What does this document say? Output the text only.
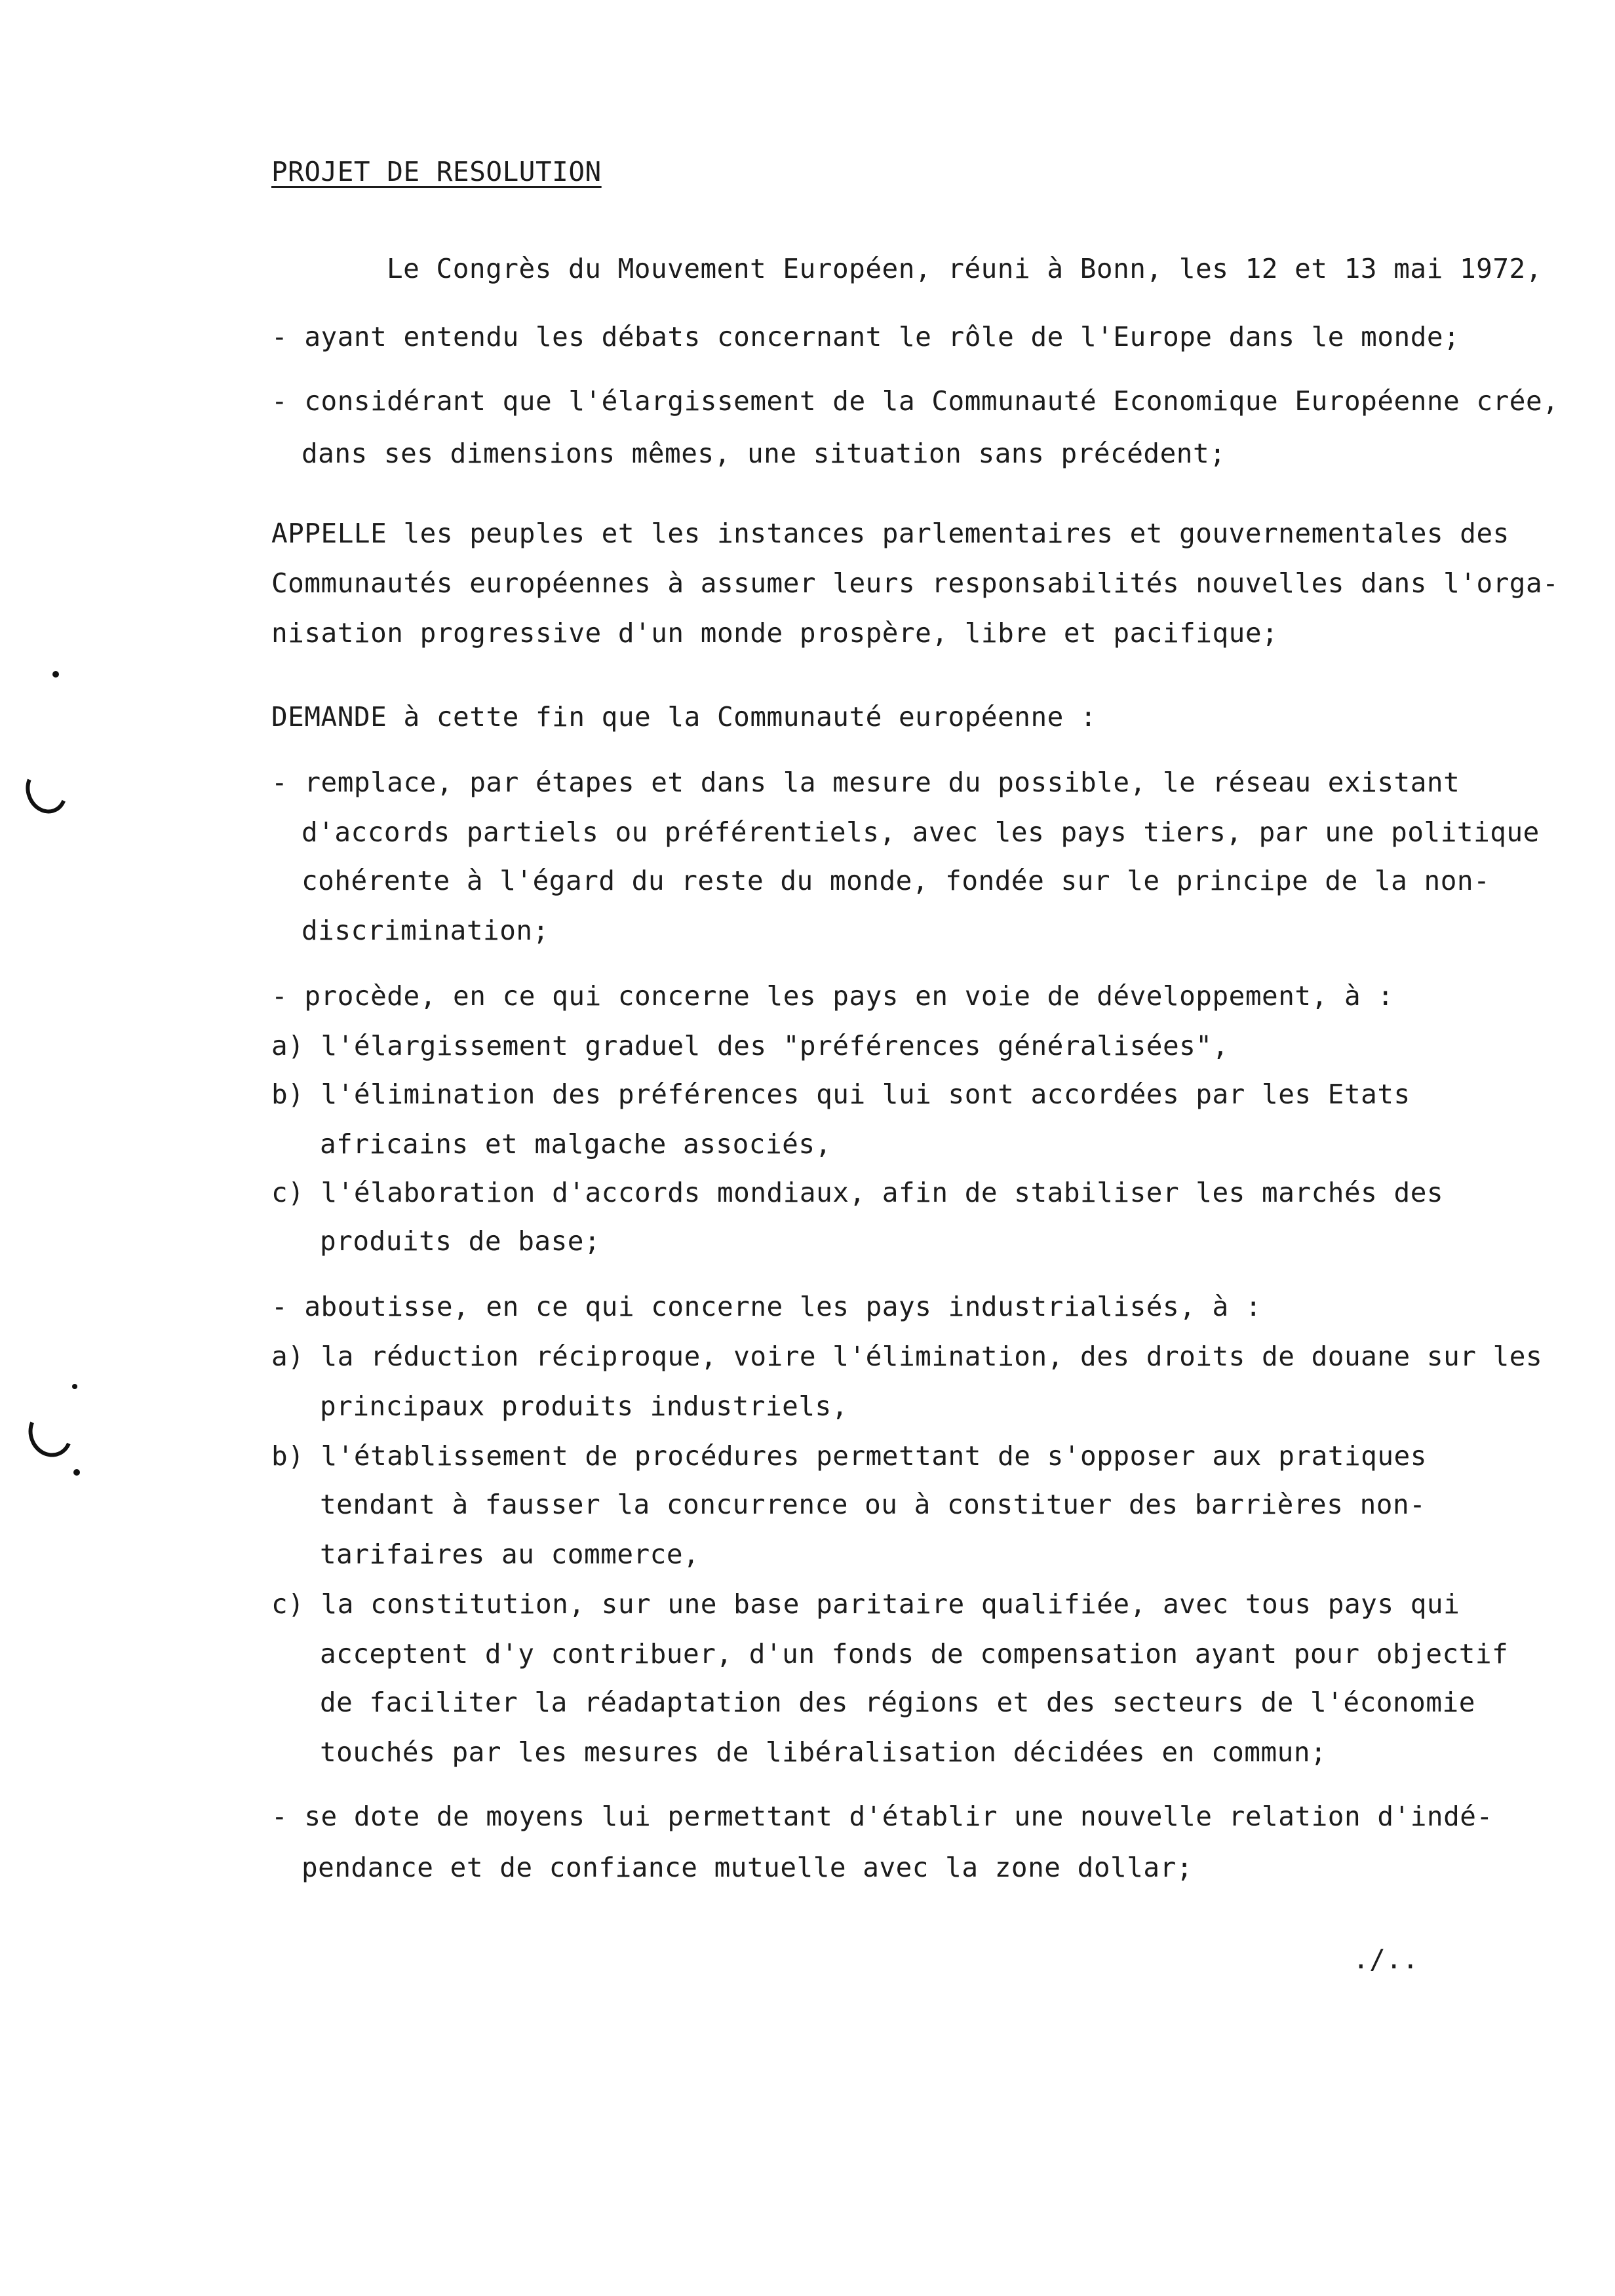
PROJET DE RESOLUTION
Le Congrès du Mouvement Européen, réuni à Bonn, les 12 et 13 mai 1972,
- ayant entendu les débats concernant le rôle de l'Europe dans le monde;
- considérant que l'élargissement de la Communauté Economique Européenne crée,
dans ses dimensions mêmes, une situation sans précédent;
APPELLE les peuples et les instances parlementaires et gouvernementales des
Communautés européennes à assumer leurs responsabilités nouvelles dans l'orga-
nisation progressive d'un monde prospère, libre et pacifique;
DEMANDE à cette fin que la Communauté européenne :
- remplace, par étapes et dans la mesure du possible, le réseau existant
d'accords partiels ou préférentiels, avec les pays tiers, par une politique
cohérente à l'égard du reste du monde, fondée sur le principe de la non-
discrimination;
- procède, en ce qui concerne les pays en voie de développement, à :
a) l'élargissement graduel des "préférences généralisées",
b) l'élimination des préférences qui lui sont accordées par les Etats
africains et malgache associés,
c) l'élaboration d'accords mondiaux, afin de stabiliser les marchés des
produits de base;
- aboutisse, en ce qui concerne les pays industrialisés, à :
a) la réduction réciproque, voire l'élimination, des droits de douane sur les
principaux produits industriels,
b) l'établissement de procédures permettant de s'opposer aux pratiques
tendant à fausser la concurrence ou à constituer des barrières non-
tarifaires au commerce,
c) la constitution, sur une base paritaire qualifiée, avec tous pays qui
acceptent d'y contribuer, d'un fonds de compensation ayant pour objectif
de faciliter la réadaptation des régions et des secteurs de l'économie
touchés par les mesures de libéralisation décidées en commun;
- se dote de moyens lui permettant d'établir une nouvelle relation d'indé-
pendance et de confiance mutuelle avec la zone dollar;
./..
